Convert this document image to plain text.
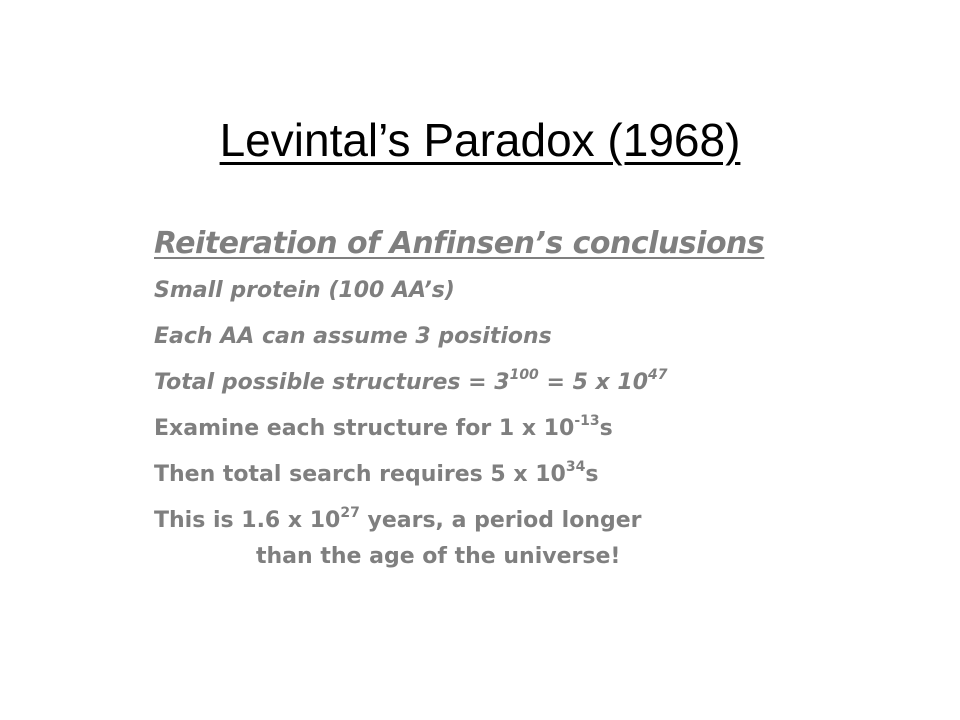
Levintal’s Paradox (1968)

Reiteration of Anfinsen’s conclusions

Small protein (100 AA’s)

Each AA can assume 3 positions

Total possible structures = $3^{100} = 5$ x $10^{47}$

Examine each structure for 1 x $10^{-13}s$

Then total search requires 5 x $10^{34}s$

This is 1.6 x $10^{27}$ years, a period longer
than the age of the universe!
